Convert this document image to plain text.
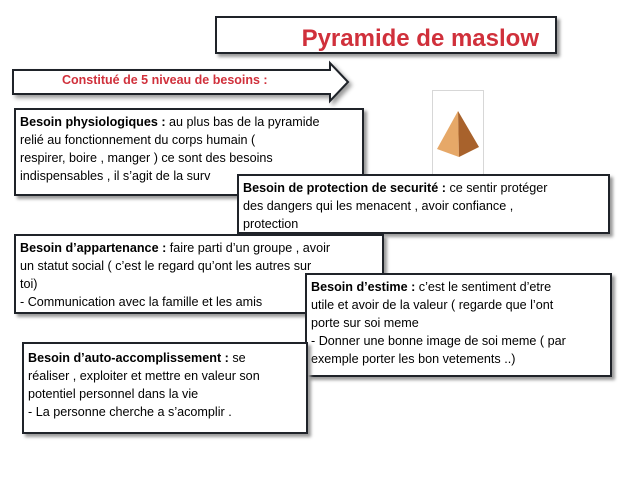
Pyramide de maslow
Constitué de 5 niveau de besoins :
Besoin physiologiques : au plus bas de la pyramide
relié au fonctionnement du corps humain (
respirer, boire , manger ) ce sont des besoins
indispensables , il s’agit de la surv
Besoin de protection de securité : ce sentir protéger
des dangers qui les menacent , avoir confiance ,
protection
Besoin d’appartenance : faire parti d’un groupe , avoir
un statut social ( c’est le regard qu’ont les autres sur
toi)
- Communication avec la famille et les amis
Besoin d’estime : c’est le sentiment d’etre
utile et avoir de la valeur ( regarde que l’ont
porte sur soi meme
- Donner une bonne image de soi meme ( par
exemple porter les bon vetements ..)
Besoin d’auto-accomplissement : se
réaliser , exploiter et mettre en valeur son
potentiel personnel dans la vie
- La personne cherche a s’acomplir .
